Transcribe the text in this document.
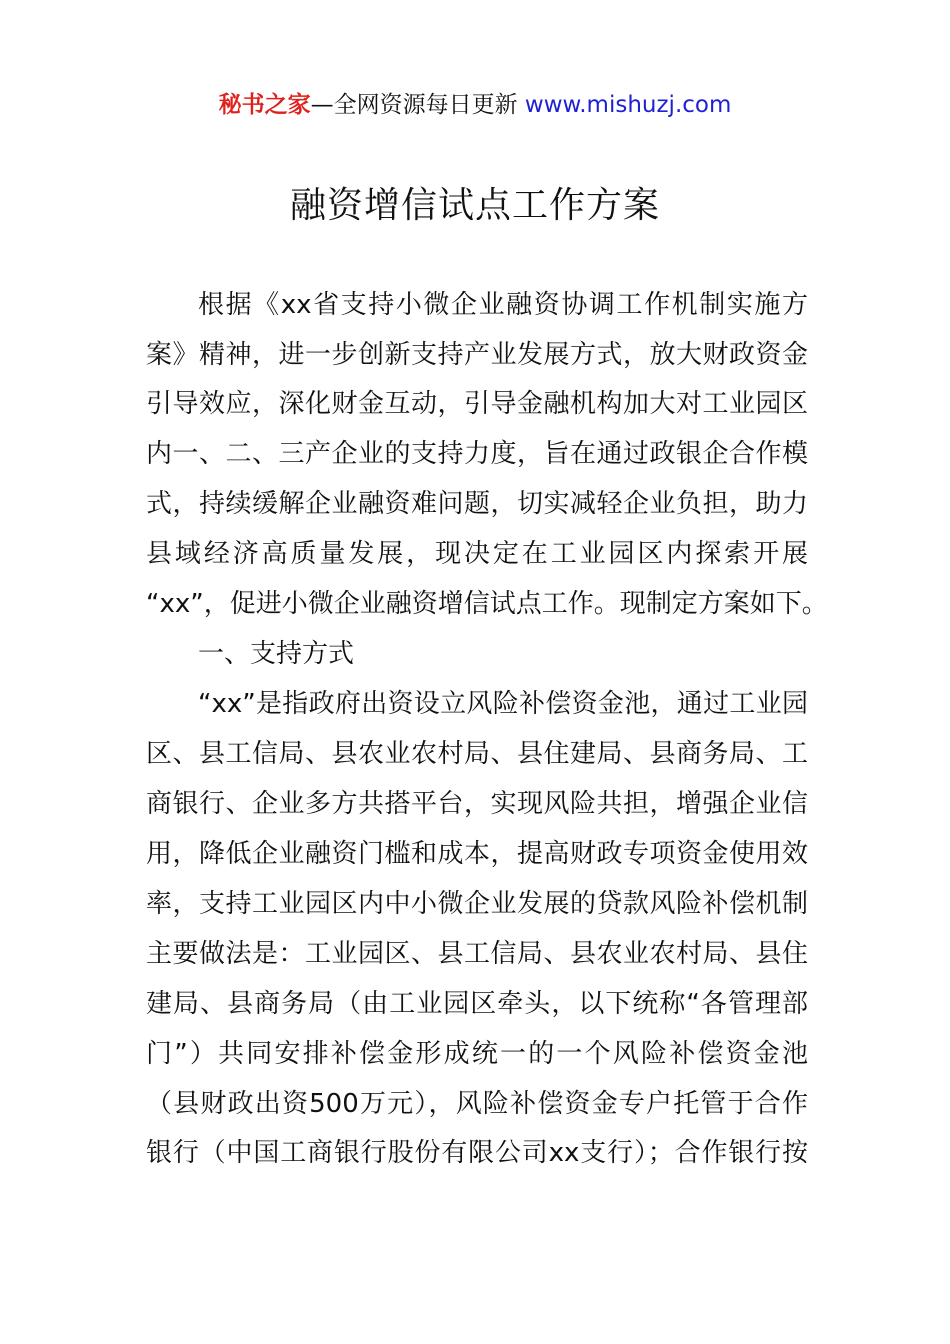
秘书之家—全网资源每日更新 www.mishuzj.com
融资增信试点工作方案
根据《xx省支持小微企业融资协调工作机制实施方
案》精神，进一步创新支持产业发展方式，放大财政资金
引导效应，深化财金互动，引导金融机构加大对工业园区
内一、二、三产企业的支持力度，旨在通过政银企合作模
式，持续缓解企业融资难问题，切实减轻企业负担，助力
县域经济高质量发展，现决定在工业园区内探索开展
“xx”，促进小微企业融资增信试点工作。现制定方案如下。
一、支持方式
“xx”是指政府出资设立风险补偿资金池，通过工业园
区、县工信局、县农业农村局、县住建局、县商务局、工
商银行、企业多方共搭平台，实现风险共担，增强企业信
用，降低企业融资门槛和成本，提高财政专项资金使用效
率，支持工业园区内中小微企业发展的贷款风险补偿机制
主要做法是：工业园区、县工信局、县农业农村局、县住
建局、县商务局（由工业园区牵头，以下统称“各管理部
门”）共同安排补偿金形成统一的一个风险补偿资金池
（县财政出资500万元），风险补偿资金专户托管于合作
银行（中国工商银行股份有限公司xx支行）；合作银行按
